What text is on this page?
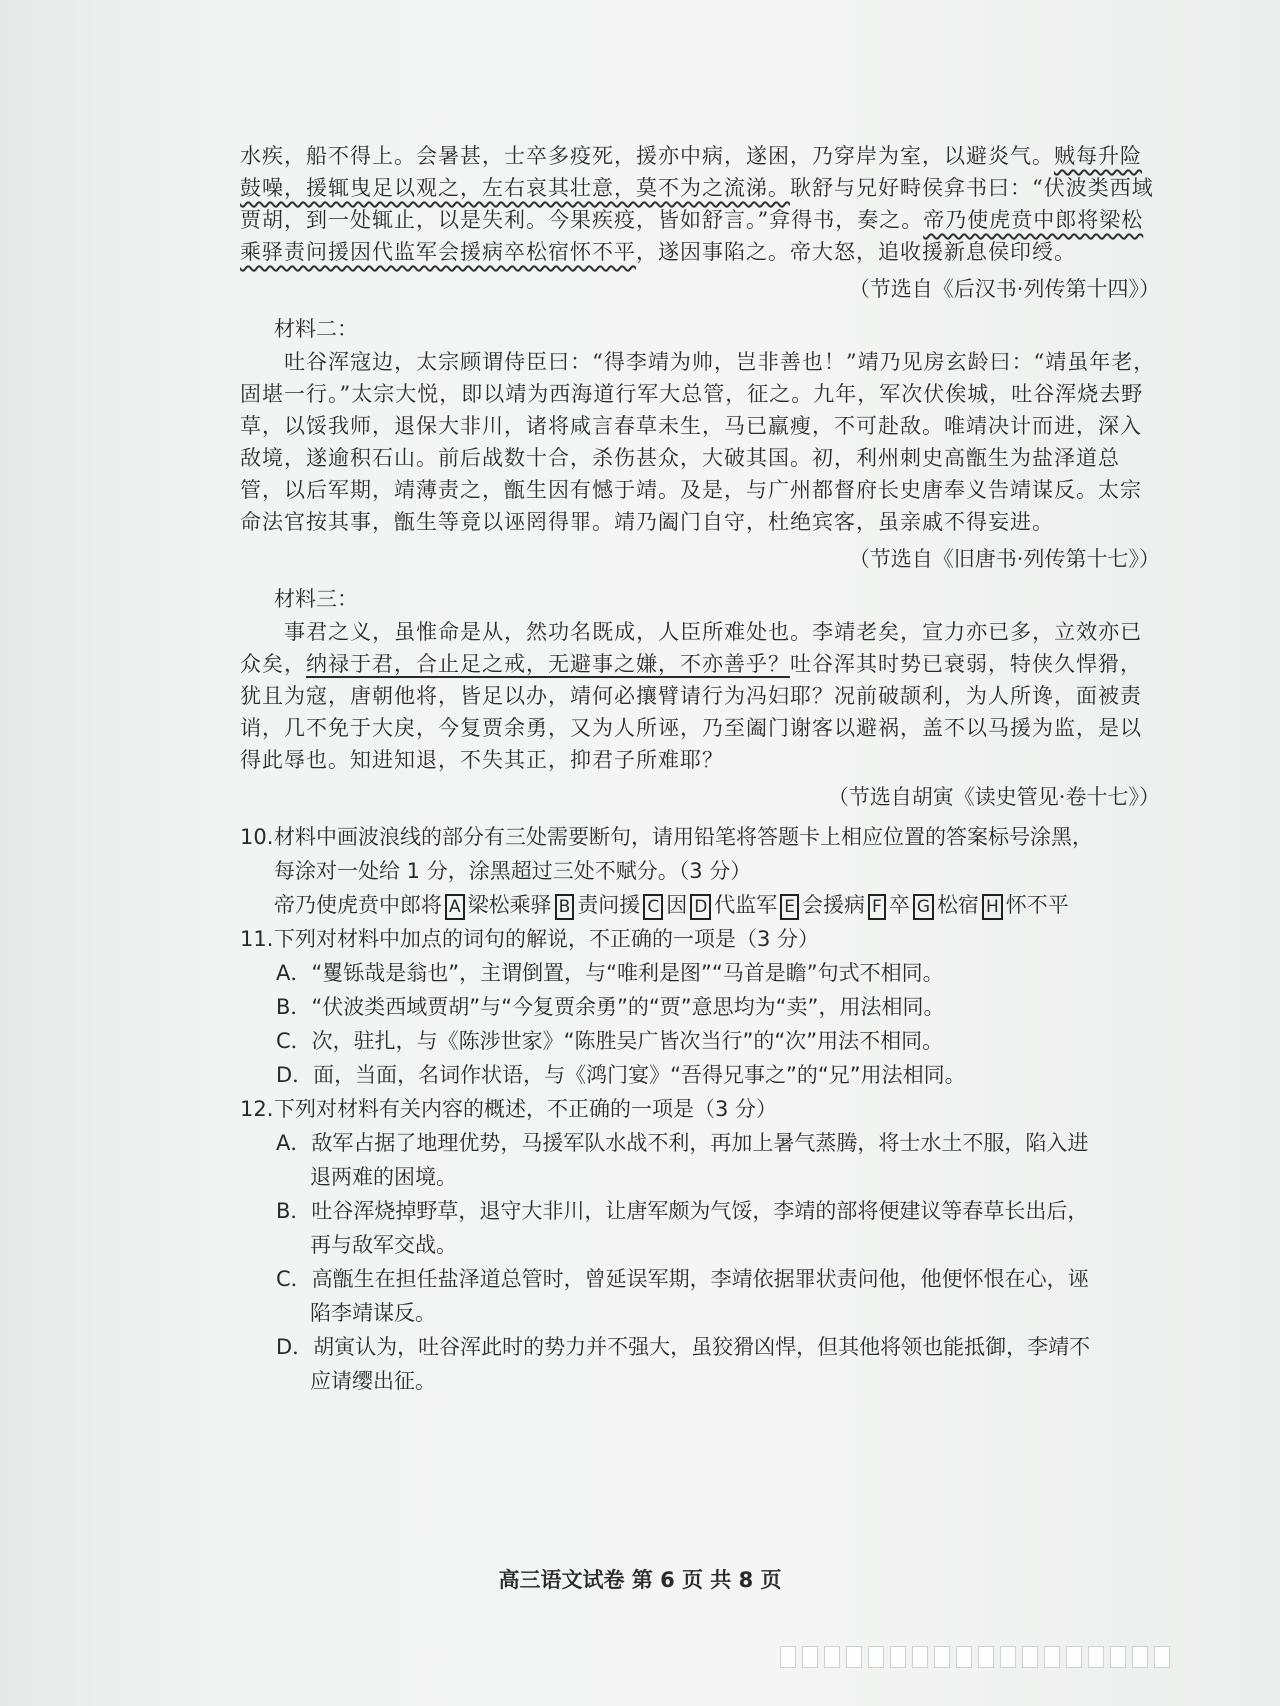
水疾，船不得上。会暑甚，士卒多疫死，援亦中病，遂困，乃穿岸为室，以避炎气。贼每升险鼓噪，援辄曳足以观之，左右哀其壮意，莫不为之流涕。耿舒与兄好畤侯弇书曰：“伏波类西域贾胡，到一处辄止，以是失利。今果疾疫，皆如舒言。”弇得书，奏之。帝乃使虎贲中郎将梁松乘驿责问援因代监军会援病卒松宿怀不平，遂因事陷之。帝大怒，追收援新息侯印绶。

（节选自《后汉书·列传第十四》）

材料二：

吐谷浑寇边，太宗顾谓侍臣曰：“得李靖为帅，岂非善也！”靖乃见房玄龄曰：“靖虽年老，固堪一行。”太宗大悦，即以靖为西海道行军大总管，征之。九年，军次伏俟城，吐谷浑烧去野草，以馁我师，退保大非川，诸将咸言春草未生，马已羸瘦，不可赴敌。唯靖决计而进，深入敌境，遂逾积石山。前后战数十合，杀伤甚众，大破其国。初，利州刺史高甑生为盐泽道总管，以后军期，靖薄责之，甑生因有憾于靖。及是，与广州都督府长史唐奉义告靖谋反。太宗命法官按其事，甑生等竟以诬罔得罪。靖乃阖门自守，杜绝宾客，虽亲戚不得妄进。

（节选自《旧唐书·列传第十七》）

材料三：

事君之义，虽惟命是从，然功名既成，人臣所难处也。李靖老矣，宣力亦已多，立效亦已众矣，纳禄于君，合止足之戒，无避事之嫌，不亦善乎？吐谷浑其时势已衰弱，特侠久悍猾，犹且为寇，唐朝他将，皆足以办，靖何必攘臂请行为冯妇耶？况前破颉利，为人所谗，面被责诮，几不免于大戾，今复贾余勇，又为人所诬，乃至阖门谢客以避祸，盖不以马援为监，是以得此辱也。知进知退，不失其正，抑君子所难耶？

（节选自胡寅《读史管见·卷十七》）

10.材料中画波浪线的部分有三处需要断句，请用铅笔将答题卡上相应位置的答案标号涂黑，

每涂对一处给 1 分，涂黑超过三处不赋分。（3 分）

帝乃使虎贲中郎将 A 梁松乘驿 B 责问援 C 因 D 代监军 E 会援病 F 卒 G 松宿 H 怀不平

11.下列对材料中加点的词句的解说，不正确的一项是（3 分）

A．“矍铄哉是翁也”，主谓倒置，与“唯利是图”“马首是瞻”句式不相同。

B．“伏波类西域贾胡”与“今复贾余勇”的“贾”意思均为“卖”，用法相同。

C．次，驻扎，与《陈涉世家》“陈胜吴广皆次当行”的“次”用法不相同。

D．面，当面，名词作状语，与《鸿门宴》“吾得兄事之”的“兄”用法相同。

12.下列对材料有关内容的概述，不正确的一项是（3 分）

A．敌军占据了地理优势，马援军队水战不利，再加上暑气蒸腾，将士水土不服，陷入进

退两难的困境。

B．吐谷浑烧掉野草，退守大非川，让唐军颇为气馁，李靖的部将便建议等春草长出后，

再与敌军交战。

C．高甑生在担任盐泽道总管时，曾延误军期，李靖依据罪状责问他，他便怀恨在心，诬

陷李靖谋反。

D．胡寅认为，吐谷浑此时的势力并不强大，虽狡猾凶悍，但其他将领也能抵御，李靖不

应请缨出征。

高三语文试卷 第 6 页 共 8 页
